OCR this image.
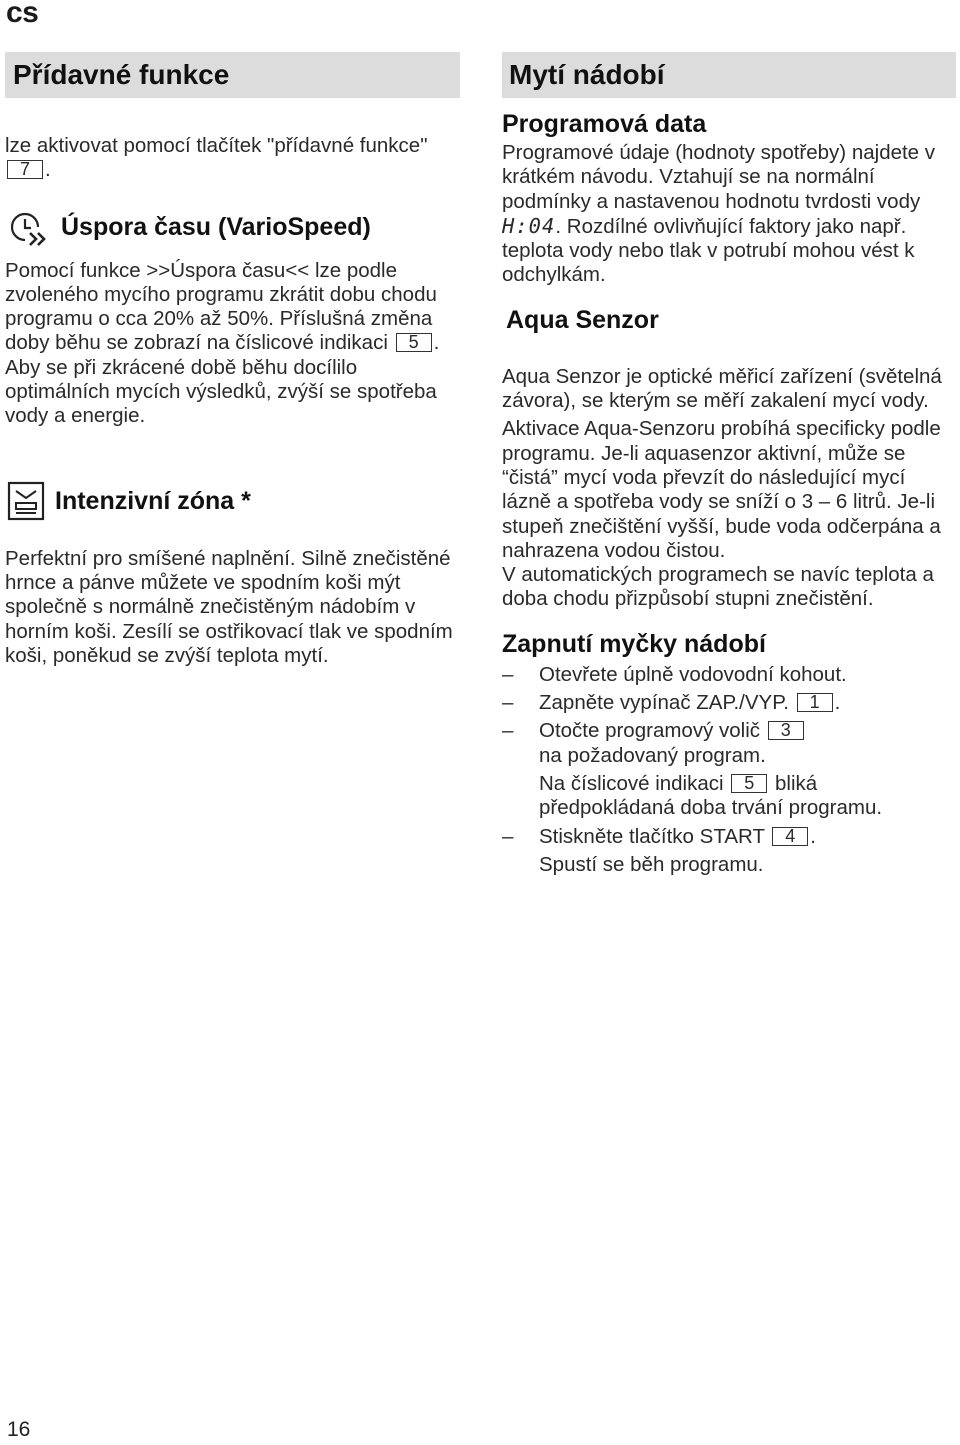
cs
Přídavné funkce

lze aktivovat pomocí tlačítek "přídavné funkce" 7 .

Úspora času (VarioSpeed)

Pomocí funkce >>Úspora času<< lze podle zvoleného mycího programu zkrátit dobu chodu programu o cca 20% až 50%. Příslušná změna doby běhu se zobrazí na číslicové indikaci 5 . Aby se při zkrácené době běhu docílilo optimálních mycích výsledků, zvýší se spotřeba vody a energie.

Intenzivní zóna *

Perfektní pro smíšené naplnění. Silně znečistěné hrnce a pánve můžete ve spodním koši mýt společně s normálně znečistěným nádobím v horním koši. Zesílí se ostřikovací tlak ve spodním koši, poněkud se zvýší teplota mytí.

Mytí nádobí
Programová data

Programové údaje (hodnoty spotřeby) najdete v krátkém návodu. Vztahují se na normální podmínky a nastavenou hodnotu tvrdosti vody H:04. Rozdílné ovlivňující faktory jako např. teplota vody nebo tlak v potrubí mohou vést k odchylkám.

Aqua Senzor

Aqua Senzor je optické měřicí zařízení (světelná závora), se kterým se měří zakalení mycí vody.

Aktivace Aqua-Senzoru probíhá specificky podle programu. Je-li aquasenzor aktivní, může se “čistá” mycí voda převzít do následující mycí lázně a spotřeba vody se sníží o 3 – 6 litrů. Je-li stupeň znečištění vyšší, bude voda odčerpána a nahrazena vodou čistou.

V automatických programech se navíc teplota a doba chodu přizpůsobí stupni znečistění.

Zapnutí myčky nádobí
– Otevřete úplně vodovodní kohout.
– Zapněte vypínač ZAP./VYP. 1 .
– Otočte programový volič 3
na požadovaný program.
Na číslicové indikaci 5 bliká předpokládaná doba trvání programu.
– Stiskněte tlačítko START 4 .
Spustí se běh programu.
16
